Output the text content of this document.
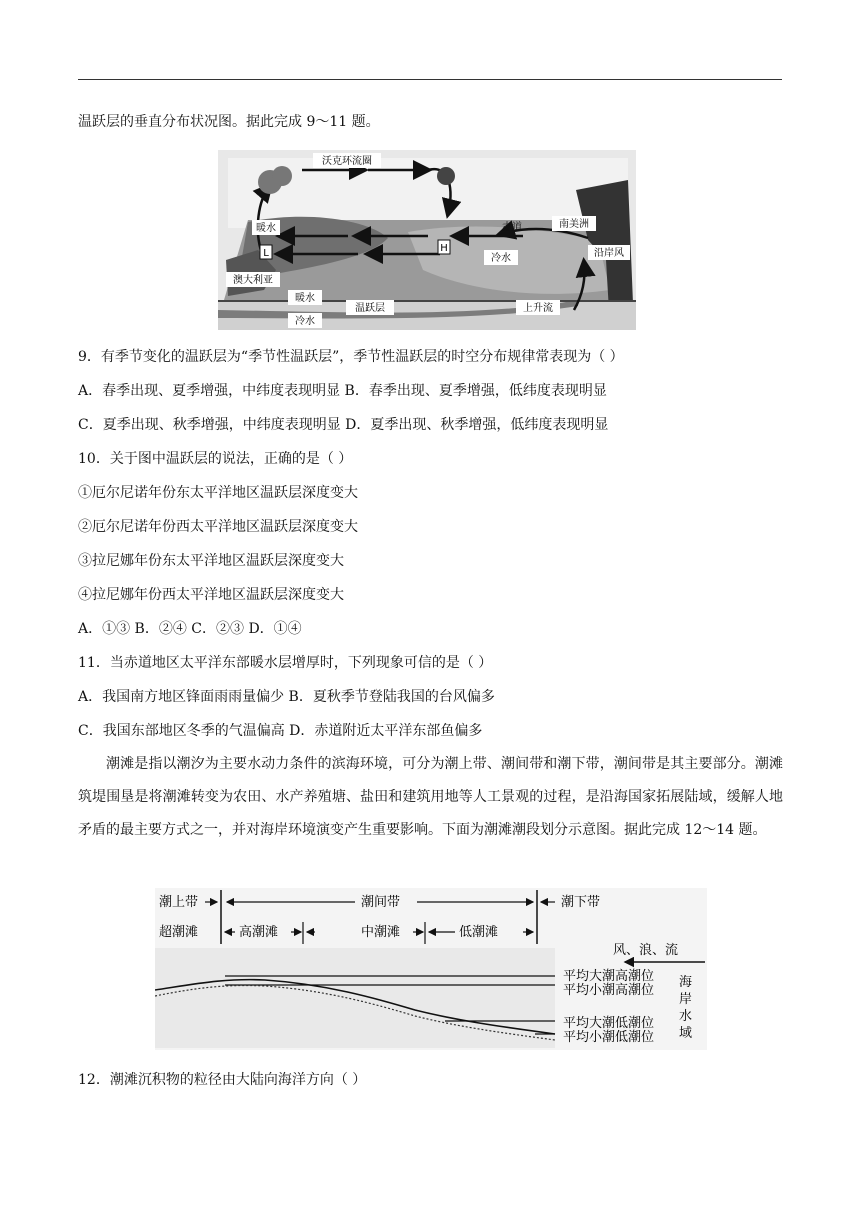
温跃层的垂直分布状况图。据此完成 9～11 题。
L	H
沃克环流圈
暖水	赤道	南美洲
沿岸风
冷水
澳大利亚
暖水
温跃层
冷水
上升流
9．有季节变化的温跃层为“季节性温跃层”，季节性温跃层的时空分布规律常表现为（ ）
A．春季出现、夏季增强，中纬度表现明显 B．春季出现、夏季增强，低纬度表现明显
C．夏季出现、秋季增强，中纬度表现明显 D．夏季出现、秋季增强，低纬度表现明显
10．关于图中温跃层的说法，正确的是（ ）
①厄尔尼诺年份东太平洋地区温跃层深度变大
②厄尔尼诺年份西太平洋地区温跃层深度变大
③拉尼娜年份东太平洋地区温跃层深度变大
④拉尼娜年份西太平洋地区温跃层深度变大
A．①③ B．②④ C．②③ D．①④
11．当赤道地区太平洋东部暖水层增厚时，下列现象可信的是（ ）
A．我国南方地区锋面雨雨量偏少 B．夏秋季节登陆我国的台风偏多
C．我国东部地区冬季的气温偏高 D．赤道附近太平洋东部鱼偏多
潮滩是指以潮汐为主要水动力条件的滨海环境，可分为潮上带、潮间带和潮下带，潮间带是其主要部分。潮滩筑堤围垦是将潮滩转变为农田、水产养殖塘、盐田和建筑用地等人工景观的过程，是沿海国家拓展陆域，缓解人地矛盾的最主要方式之一，并对海岸环境演变产生重要影响。下面为潮滩潮段划分示意图。据此完成 12～14 题。
潮上带	潮间带	潮下带
超潮滩	高潮滩	中潮滩	低潮滩
风、浪、流
平均大潮高潮位
平均小潮高潮位
平均大潮低潮位
平均小潮低潮位
海
岸
水
域
12．潮滩沉积物的粒径由大陆向海洋方向（ ）
